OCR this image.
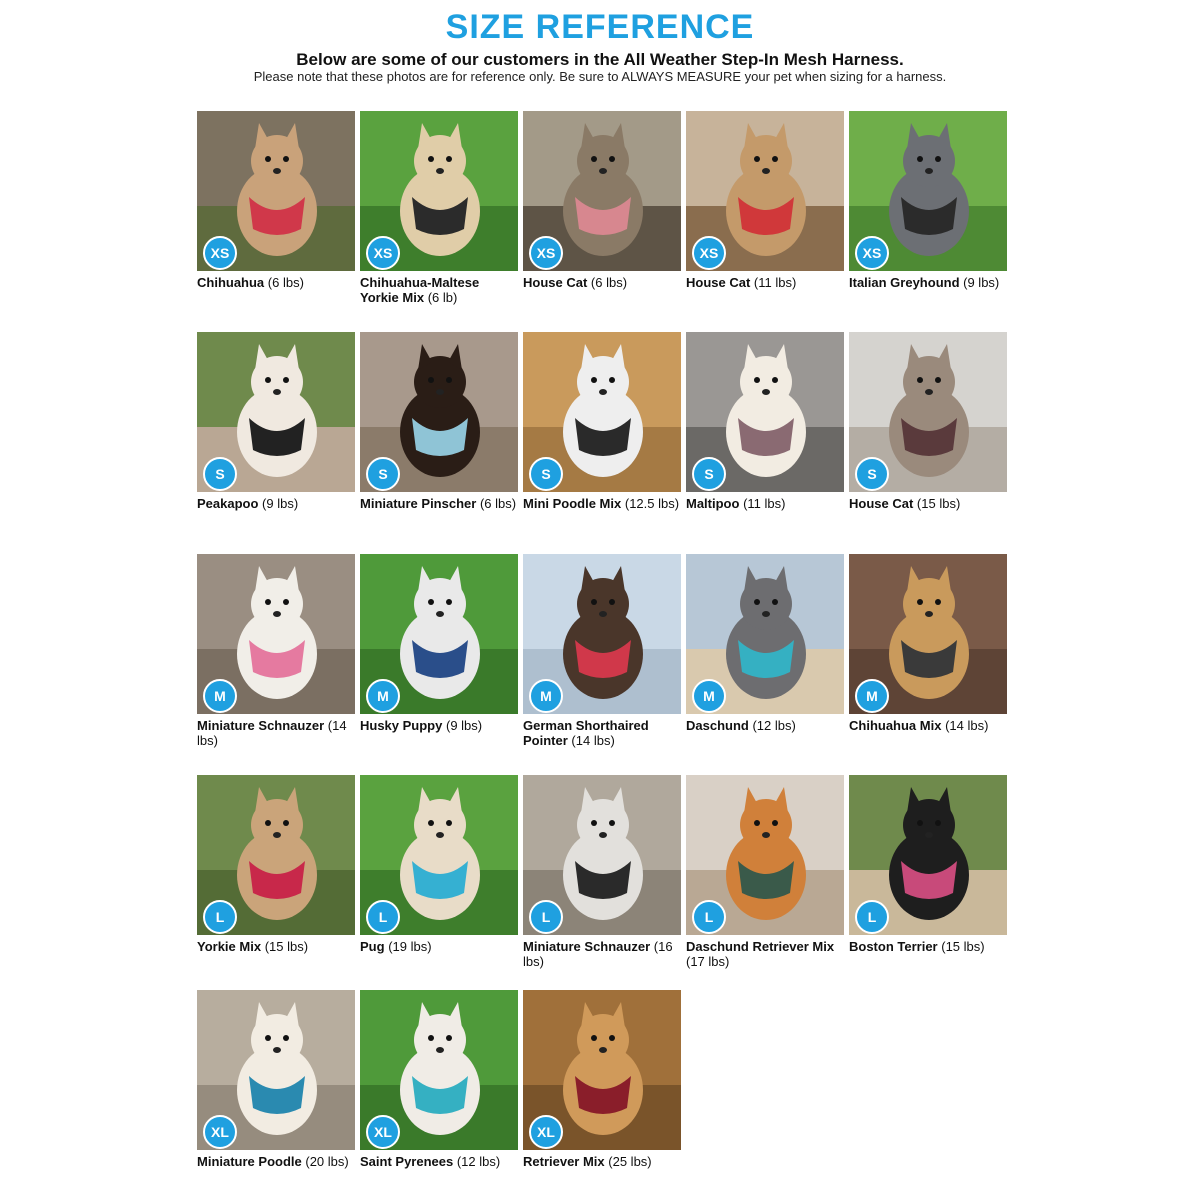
SIZE REFERENCE
Below are some of our customers in the All Weather Step-In Mesh Harness.
Please note that these photos are for reference only. Be sure to ALWAYS MEASURE your pet when sizing for a harness.
XS
Chihuahua (6 lbs)
XS
Chihuahua-Maltese Yorkie Mix (6 lb)
XS
House Cat (6 lbs)
XS
House Cat (11 lbs)
XS
Italian Greyhound (9 lbs)
S
Peakapoo (9 lbs)
S
Miniature Pinscher (6 lbs)
S
Mini Poodle Mix (12.5 lbs)
S
Maltipoo (11 lbs)
S
House Cat (15 lbs)
M
Miniature Schnauzer (14 lbs)
M
Husky Puppy (9 lbs)
M
German Shorthaired Pointer (14 lbs)
M
Daschund (12 lbs)
M
Chihuahua Mix (14 lbs)
L
Yorkie Mix (15 lbs)
L
Pug (19 lbs)
L
Miniature Schnauzer (16 lbs)
L
Daschund Retriever Mix (17 lbs)
L
Boston Terrier (15 lbs)
XL
Miniature Poodle (20 lbs)
XL
Saint Pyrenees (12 lbs)
XL
Retriever Mix (25 lbs)
